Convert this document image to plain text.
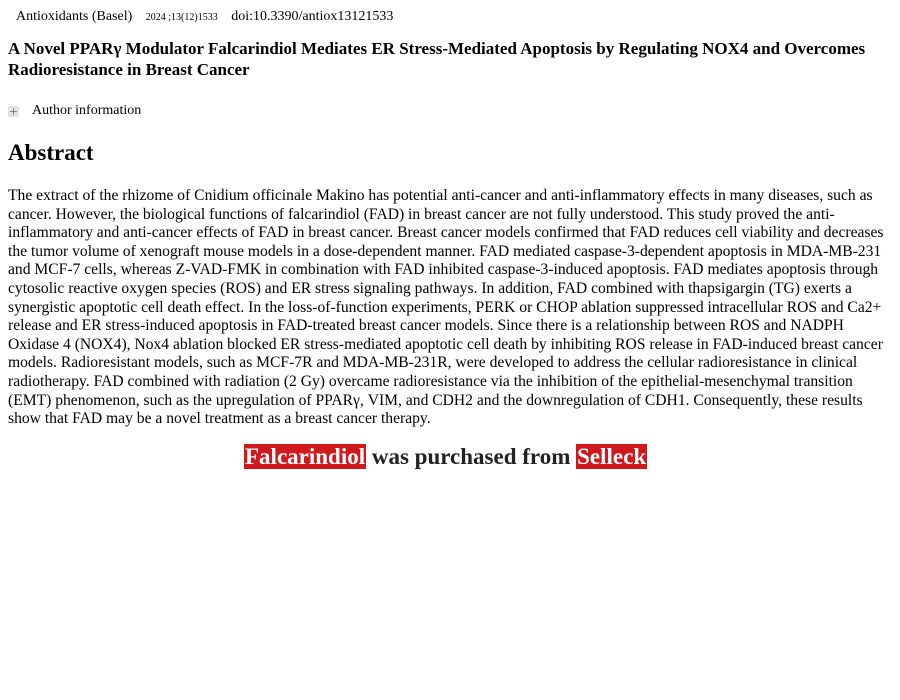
Antioxidants (Basel) 2024 ;13(12)1533 doi:10.3390/antiox13121533
A Novel PPARγ Modulator Falcarindiol Mediates ER Stress-Mediated Apoptosis by Regulating NOX4 and Overcomes Radioresistance in Breast Cancer
+ Author information
Abstract

The extract of the rhizome of Cnidium officinale Makino has potential anti-cancer and anti-inflammatory effects in many diseases, such as cancer. However, the biological functions of falcarindiol (FAD) in breast cancer are not fully understood. This study proved the anti-inflammatory and anti-cancer effects of FAD in breast cancer. Breast cancer models confirmed that FAD reduces cell viability and decreases the tumor volume of xenograft mouse models in a dose-dependent manner. FAD mediated caspase-3-dependent apoptosis in MDA-MB-231 and MCF-7 cells, whereas Z-VAD-FMK in combination with FAD inhibited caspase-3-induced apoptosis. FAD mediates apoptosis through cytosolic reactive oxygen species (ROS) and ER stress signaling pathways. In addition, FAD combined with thapsigargin (TG) exerts a synergistic apoptotic cell death effect. In the loss-of-function experiments, PERK or CHOP ablation suppressed intracellular ROS and Ca2+ release and ER stress-induced apoptosis in FAD-treated breast cancer models. Since there is a relationship between ROS and NADPH Oxidase 4 (NOX4), Nox4 ablation blocked ER stress-mediated apoptotic cell death by inhibiting ROS release in FAD-induced breast cancer models. Radioresistant models, such as MCF-7R and MDA-MB-231R, were developed to address the cellular radioresistance in clinical radiotherapy. FAD combined with radiation (2 Gy) overcame radioresistance via the inhibition of the epithelial-mesenchymal transition (EMT) phenomenon, such as the upregulation of PPARγ, VIM, and CDH2 and the downregulation of CDH1. Consequently, these results show that FAD may be a novel treatment as a breast cancer therapy.

Falcarindiol was purchased from Selleck
